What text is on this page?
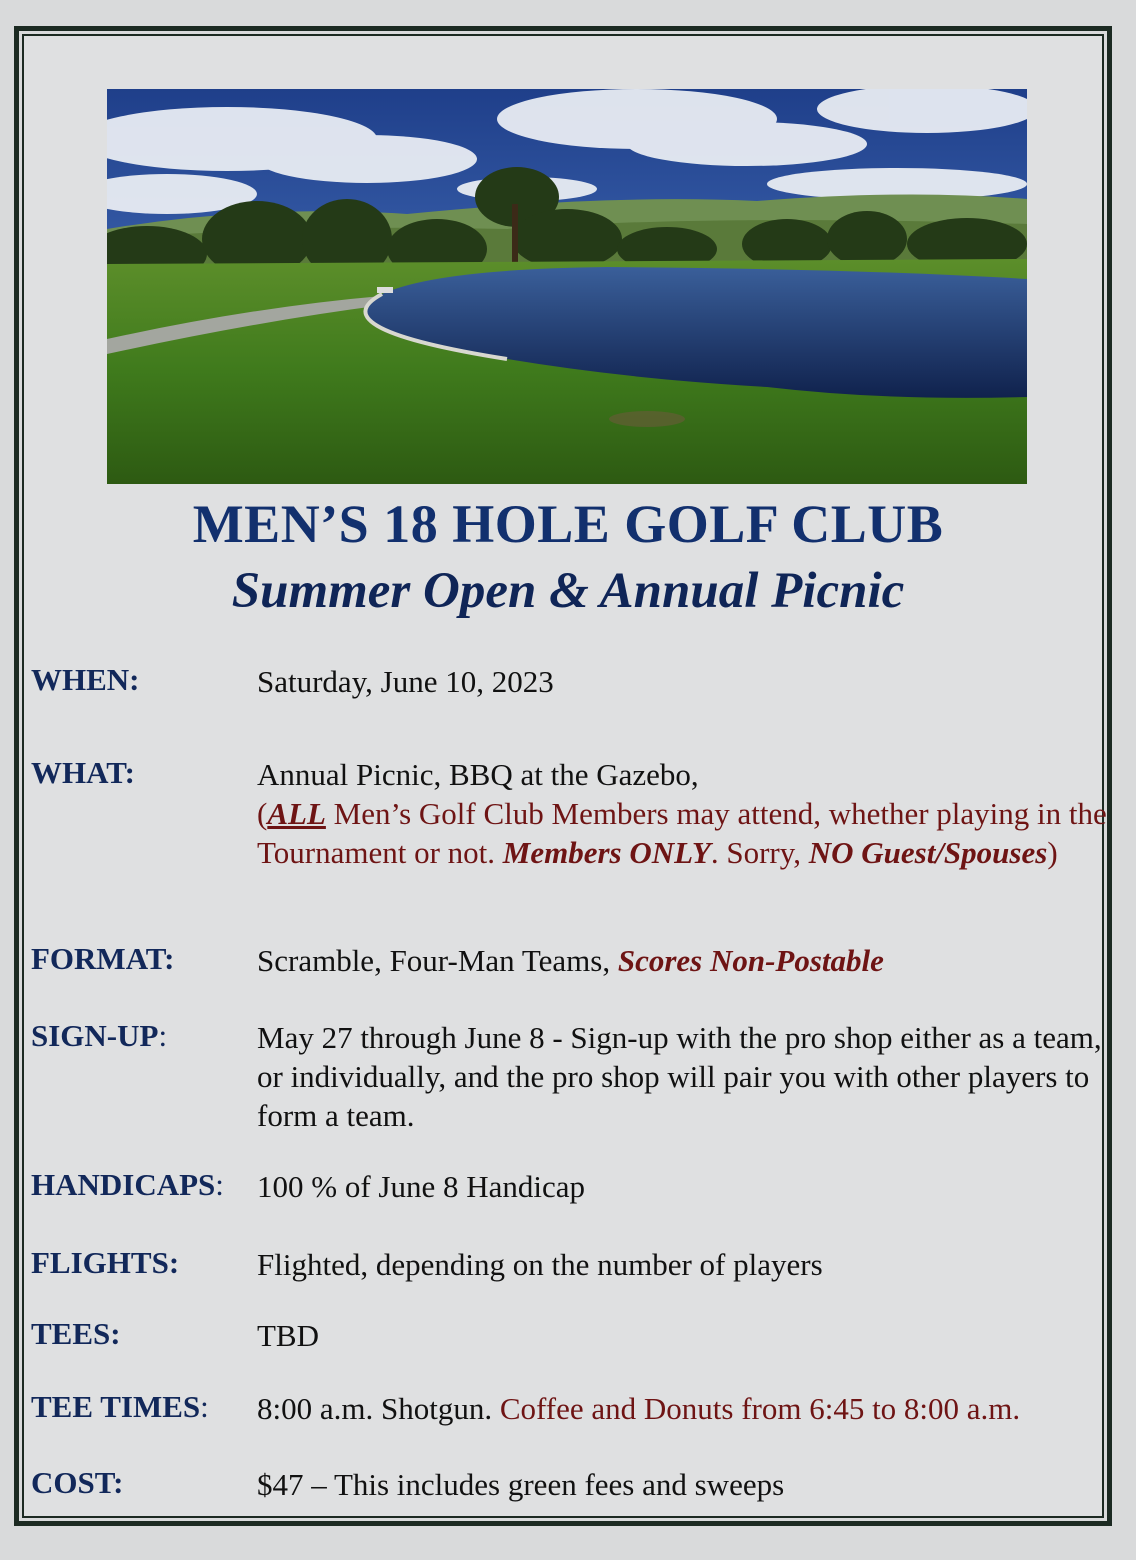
MEN’S 18 HOLE GOLF CLUB
Summer Open & Annual Picnic
WHEN:	Saturday, June 10, 2023
WHAT:	Annual Picnic, BBQ at the Gazebo,
(ALL Men’s Golf Club Members may attend, whether playing in the Tournament or not. Members ONLY. Sorry, NO Guest/Spouses)
FORMAT:	Scramble, Four-Man Teams, Scores Non-Postable
SIGN-UP:	May 27 through June 8 - Sign-up with the pro shop either as a team, or individually, and the pro shop will pair you with other players to form a team.
HANDICAPS: 100 % of June 8 Handicap
FLIGHTS:	Flighted, depending on the number of players
TEES:	TBD
TEE TIMES: 8:00 a.m. Shotgun. Coffee and Donuts from 6:45 to 8:00 a.m.
COST:	$47 – This includes green fees and sweeps
